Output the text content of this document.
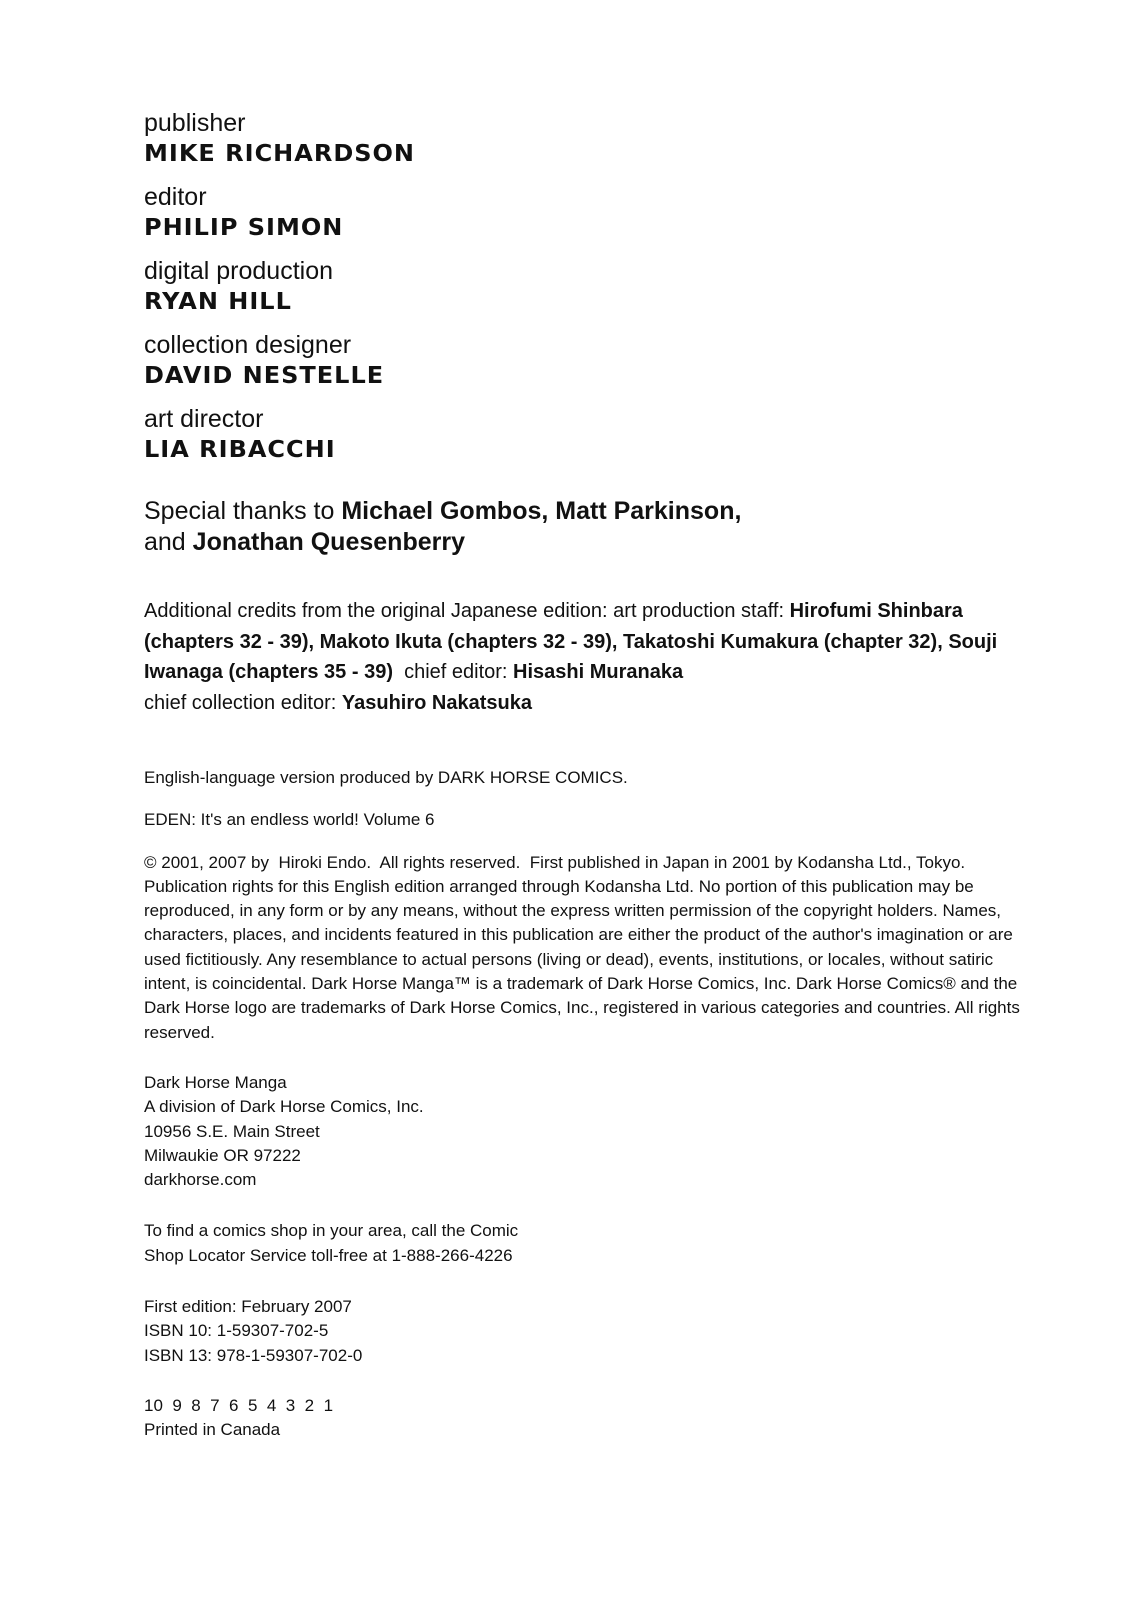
publisher

MIKE RICHARDSON

editor

PHILIP SIMON

digital production

RYAN HILL

collection designer

DAVID NESTELLE

art director

LIA RIBACCHI

Special thanks to Michael Gombos, Matt Parkinson,
and Jonathan Quesenberry
Additional credits from the original Japanese edition: art production staff: Hirofumi Shinbara (chapters 32 - 39), Makoto Ikuta (chapters 32 - 39), Takatoshi Kumakura (chapter 32), Souji Iwanaga (chapters 35 - 39)  chief editor: Hisashi Muranaka
chief collection editor: Yasuhiro Nakatsuka

English-language version produced by DARK HORSE COMICS.

EDEN: It's an endless world! Volume 6

© 2001, 2007 by  Hiroki Endo.  All rights reserved.  First published in Japan in 2001 by Kodansha Ltd., Tokyo.  Publication rights for this English edition arranged through Kodansha Ltd. No portion of this publication may be reproduced, in any form or by any means, without the express written permission of the copyright holders. Names, characters, places, and incidents featured in this publication are either the product of the author's imagination or are used fictitiously. Any resemblance to actual persons (living or dead), events, institutions, or locales, without satiric intent, is coincidental. Dark Horse Manga™ is a trademark of Dark Horse Comics, Inc. Dark Horse Comics® and the Dark Horse logo are trademarks of Dark Horse Comics, Inc., registered in various categories and countries. All rights reserved.

Dark Horse Manga
A division of Dark Horse Comics, Inc.
10956 S.E. Main Street
Milwaukie OR 97222
darkhorse.com
To find a comics shop in your area, call the Comic
Shop Locator Service toll-free at 1-888-266-4226
First edition: February 2007
ISBN 10: 1-59307-702-5
ISBN 13: 978-1-59307-702-0
10  9  8  7  6  5  4  3  2  1
Printed in Canada
